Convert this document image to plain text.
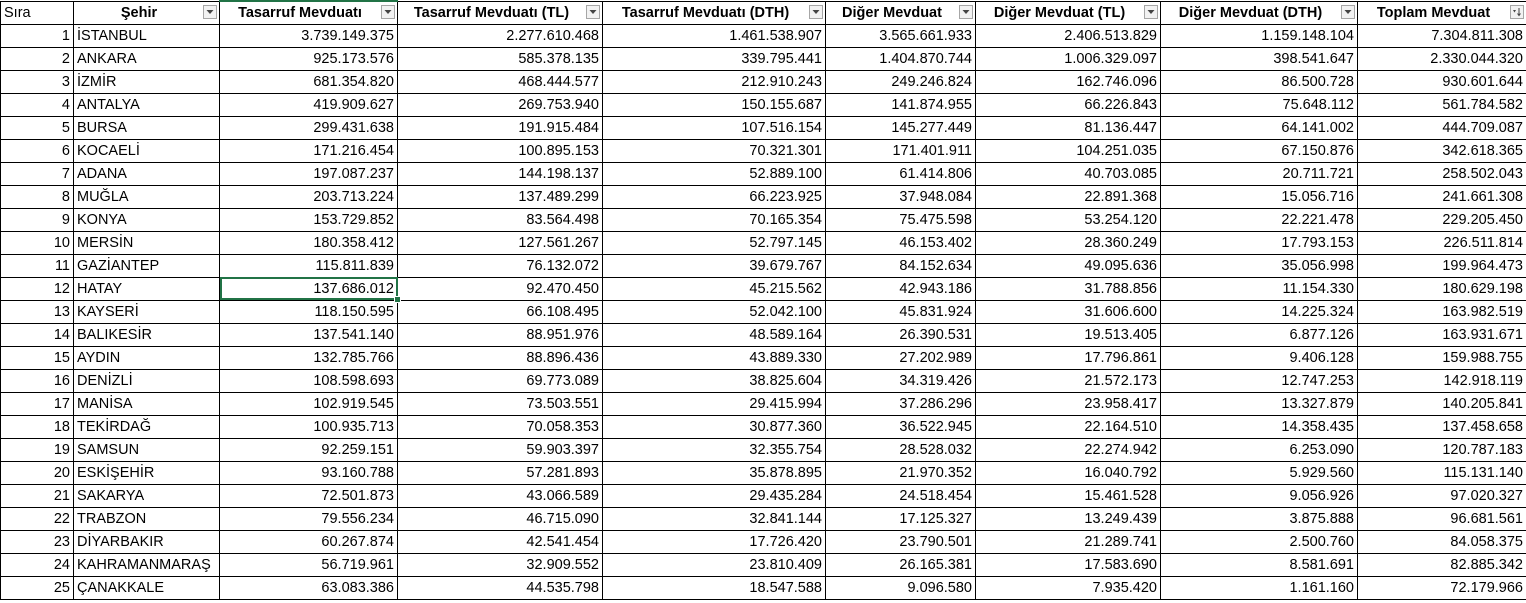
Sıra	Şehir	Tasarruf Mevduatı	Tasarruf Mevduatı (TL)	Tasarruf Mevduatı (DTH)	Diğer Mevduat	Diğer Mevduat (TL)	Diğer Mevduat (DTH)	Toplam Mevduat

1	İSTANBUL	3.739.149.375	2.277.610.468	1.461.538.907	3.565.661.933	2.406.513.829	1.159.148.104	7.304.811.308
2	ANKARA	925.173.576	585.378.135	339.795.441	1.404.870.744	1.006.329.097	398.541.647	2.330.044.320
3	İZMİR	681.354.820	468.444.577	212.910.243	249.246.824	162.746.096	86.500.728	930.601.644
4	ANTALYA	419.909.627	269.753.940	150.155.687	141.874.955	66.226.843	75.648.112	561.784.582
5	BURSA	299.431.638	191.915.484	107.516.154	145.277.449	81.136.447	64.141.002	444.709.087
6	KOCAELİ	171.216.454	100.895.153	70.321.301	171.401.911	104.251.035	67.150.876	342.618.365
7	ADANA	197.087.237	144.198.137	52.889.100	61.414.806	40.703.085	20.711.721	258.502.043
8	MUĞLA	203.713.224	137.489.299	66.223.925	37.948.084	22.891.368	15.056.716	241.661.308
9	KONYA	153.729.852	83.564.498	70.165.354	75.475.598	53.254.120	22.221.478	229.205.450
10	MERSİN	180.358.412	127.561.267	52.797.145	46.153.402	28.360.249	17.793.153	226.511.814
11	GAZİANTEP	115.811.839	76.132.072	39.679.767	84.152.634	49.095.636	35.056.998	199.964.473
12	HATAY	137.686.012	92.470.450	45.215.562	42.943.186	31.788.856	11.154.330	180.629.198
13	KAYSERİ	118.150.595	66.108.495	52.042.100	45.831.924	31.606.600	14.225.324	163.982.519
14	BALIKESİR	137.541.140	88.951.976	48.589.164	26.390.531	19.513.405	6.877.126	163.931.671
15	AYDIN	132.785.766	88.896.436	43.889.330	27.202.989	17.796.861	9.406.128	159.988.755
16	DENİZLİ	108.598.693	69.773.089	38.825.604	34.319.426	21.572.173	12.747.253	142.918.119
17	MANİSA	102.919.545	73.503.551	29.415.994	37.286.296	23.958.417	13.327.879	140.205.841
18	TEKİRDAĞ	100.935.713	70.058.353	30.877.360	36.522.945	22.164.510	14.358.435	137.458.658
19	SAMSUN	92.259.151	59.903.397	32.355.754	28.528.032	22.274.942	6.253.090	120.787.183
20	ESKİŞEHİR	93.160.788	57.281.893	35.878.895	21.970.352	16.040.792	5.929.560	115.131.140
21	SAKARYA	72.501.873	43.066.589	29.435.284	24.518.454	15.461.528	9.056.926	97.020.327
22	TRABZON	79.556.234	46.715.090	32.841.144	17.125.327	13.249.439	3.875.888	96.681.561
23	DİYARBAKIR	60.267.874	42.541.454	17.726.420	23.790.501	21.289.741	2.500.760	84.058.375
24	KAHRAMANMARAŞ	56.719.961	32.909.552	23.810.409	26.165.381	17.583.690	8.581.691	82.885.342
25	ÇANAKKALE	63.083.386	44.535.798	18.547.588	9.096.580	7.935.420	1.161.160	72.179.966
